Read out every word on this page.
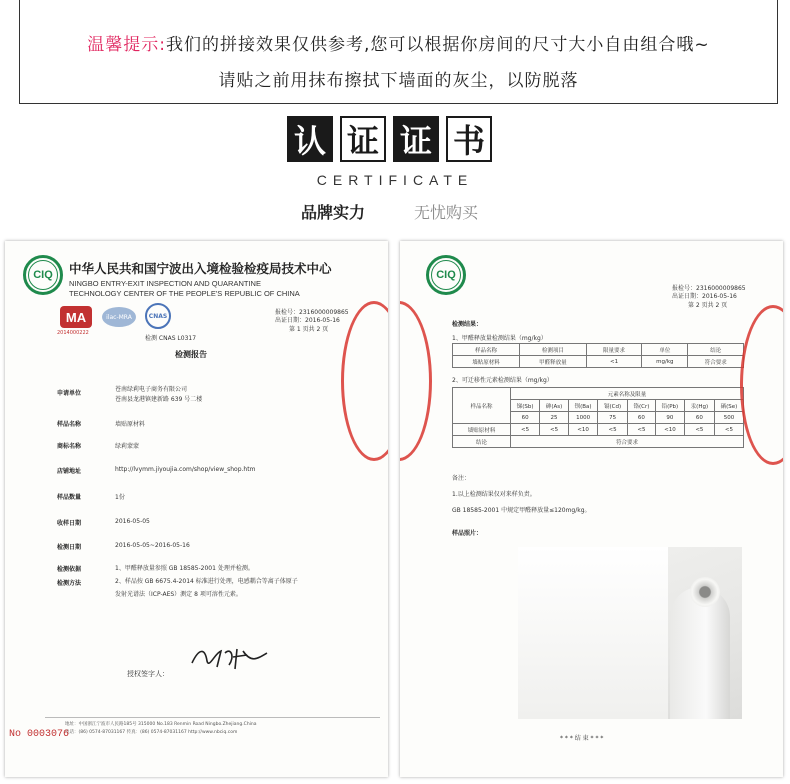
温馨提示:我们的拼接效果仅供参考,您可以根据你房间的尺寸大小自由组合哦~
请贴之前用抹布擦拭下墙面的灰尘，以防脱落
认 证 证 书
CERTIFICATE
品牌实力	无忧购买
CIQ	中华人民共和国宁波出入境检验检疫局技术中心
NINGBO ENTRY-EXIT INSPECTION AND QUARANTINE
TECHNOLOGY CENTER OF THE PEOPLE'S REPUBLIC OF CHINA
MA
2014000222
ilac-MRA	CNAS
检测 CNAS L0317
报检号：2316000009865
出证日期：2016-05-16
第 1 页共 2 页
检测报告
申请单位
苍南绿莉电子商务有限公司
苍南县龙港镇建新路 639 号二楼
样品名称	墙贴原材料
商标名称	绿莉蒙蒙
店铺地址	http://lvymm.jiyoujia.com/shop/view_shop.htm
样品数量	1份
收样日期	2016-05-05
检测日期	2016-05-05~2016-05-16
检测依据	1、甲醛释放量参照 GB 18585-2001 处理并检测。
检测方法	2、样品按 GB 6675.4-2014 标准进行处理，电感耦合等离子体原子
发射光谱法（ICP-AES）测定 8 项可溶性元素。
授权签字人：
地址：中国浙江宁波市人民路185号 315000 No.183 Renmin Road Ningbo.Zhejiang.China
电话：(86) 0574-87031167 传真：(86) 0574-87031167 http://www.nbciq.com
No 0003076
CIQ
报检号：2316000009865
出证日期：2016-05-16
第 2 页共 2 页
检测结果：
1、甲醛释放量检测结果（mg/kg）
样品名称	检测项目	限量要求	单位	结论
墙贴原材料	甲醛释放量	<1	mg/kg	符合要求
2、可迁移性元素检测结果（mg/kg）
样品名称	元素名称及限量							
	锑(Sb)	砷(As)	钡(Ba)	镉(Cd)	铬(Cr)	铅(Pb)	汞(Hg)	硒(Se)
	60	25	1000	75	60	90	60	500
墙贴原材料	<5	<5	<10	<5	<5	<10	<5	<5
结论	符合要求							
备注：
1.以上检测结果仅对来样负责。
GB 18585-2001 中规定甲醛释放量≤120mg/kg。
样品照片：
* * * 结 束 * * *
